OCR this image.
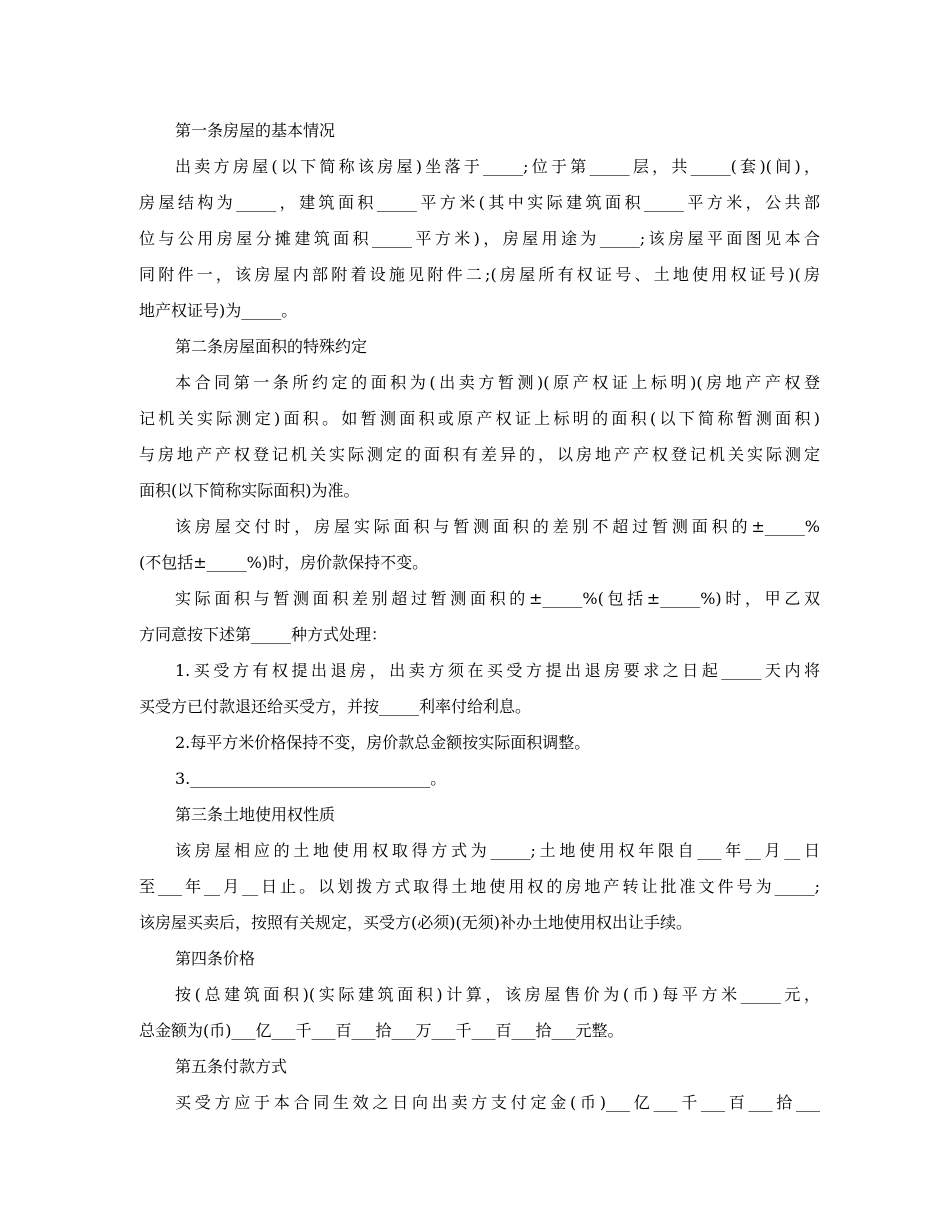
第一条房屋的基本情况
出卖方房屋(以下简称该房屋)坐落于_____;位于第_____层，共_____(套)(间)，
房屋结构为_____，建筑面积_____平方米(其中实际建筑面积_____平方米，公共部
位与公用房屋分摊建筑面积_____平方米)，房屋用途为_____;该房屋平面图见本合
同附件一，该房屋内部附着设施见附件二;(房屋所有权证号、土地使用权证号)(房
地产权证号)为_____。
第二条房屋面积的特殊约定
本合同第一条所约定的面积为(出卖方暂测)(原产权证上标明)(房地产产权登
记机关实际测定)面积。如暂测面积或原产权证上标明的面积(以下简称暂测面积)
与房地产产权登记机关实际测定的面积有差异的，以房地产产权登记机关实际测定
面积(以下简称实际面积)为准。
该房屋交付时，房屋实际面积与暂测面积的差别不超过暂测面积的±_____%
(不包括±_____%)时，房价款保持不变。
实际面积与暂测面积差别超过暂测面积的±_____%(包括±_____%)时，甲乙双
方同意按下述第_____种方式处理：
1.买受方有权提出退房，出卖方须在买受方提出退房要求之日起_____天内将
买受方已付款退还给买受方，并按_____利率付给利息。
2.每平方米价格保持不变，房价款总金额按实际面积调整。
3.______________________________。
第三条土地使用权性质
该房屋相应的土地使用权取得方式为_____;土地使用权年限自___年__月__日
至___年__月__日止。以划拨方式取得土地使用权的房地产转让批准文件号为_____;
该房屋买卖后，按照有关规定，买受方(必须)(无须)补办土地使用权出让手续。
第四条价格
按(总建筑面积)(实际建筑面积)计算，该房屋售价为(币)每平方米_____元，
总金额为(币)___亿___千___百___拾___万___千___百___拾___元整。
第五条付款方式
买受方应于本合同生效之日向出卖方支付定金(币)___亿___千___百___拾___
